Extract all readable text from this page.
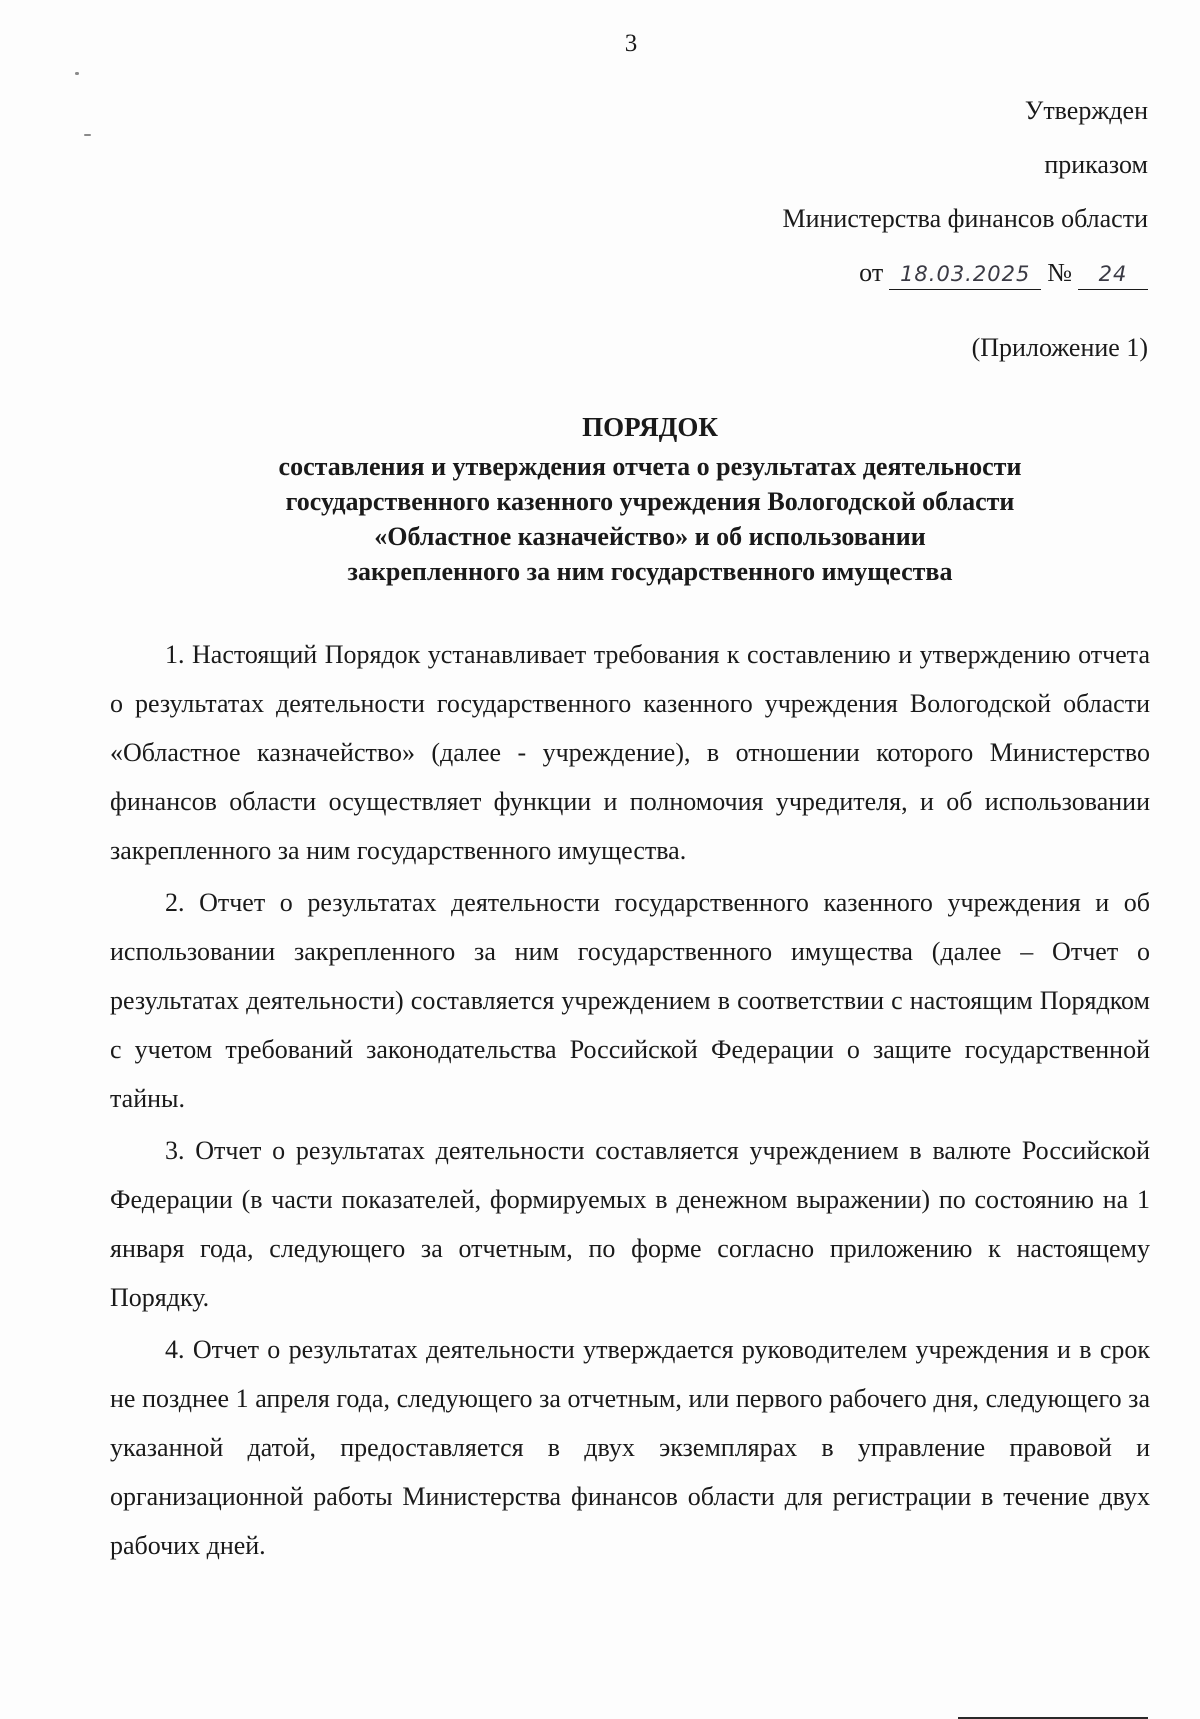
3
Утвержден
приказом
Министерства финансов области
от 18.03.2025 № 24
(Приложение 1)
ПОРЯДОК
составления и утверждения отчета о результатах деятельности
государственного казенного учреждения Вологодской области
«Областное казначейство» и об использовании
закрепленного за ним государственного имущества

1. Настоящий Порядок устанавливает требования к составлению и утверждению отчета о результатах деятельности государственного казенного учреждения Вологодской области «Областное казначейство» (далее - учреждение), в отношении которого Министерство финансов области осуществляет функции и полномочия учредителя, и об использовании закрепленного за ним государственного имущества.

2. Отчет о результатах деятельности государственного казенного учреждения и об использовании закрепленного за ним государственного имущества (далее – Отчет о результатах деятельности) составляется учреждением в соответствии с настоящим Порядком с учетом требований законодательства Российской Федерации о защите государственной тайны.

3. Отчет о результатах деятельности составляется учреждением в валюте Российской Федерации (в части показателей, формируемых в денежном выражении) по состоянию на 1 января года, следующего за отчетным, по форме согласно приложению к настоящему Порядку.

4. Отчет о результатах деятельности утверждается руководителем учреждения и в срок не позднее 1 апреля года, следующего за отчетным, или первого рабочего дня, следующего за указанной датой, предоставляется в двух экземплярах в управление правовой и организационной работы Министерства финансов области для регистрации в течение двух рабочих дней.
